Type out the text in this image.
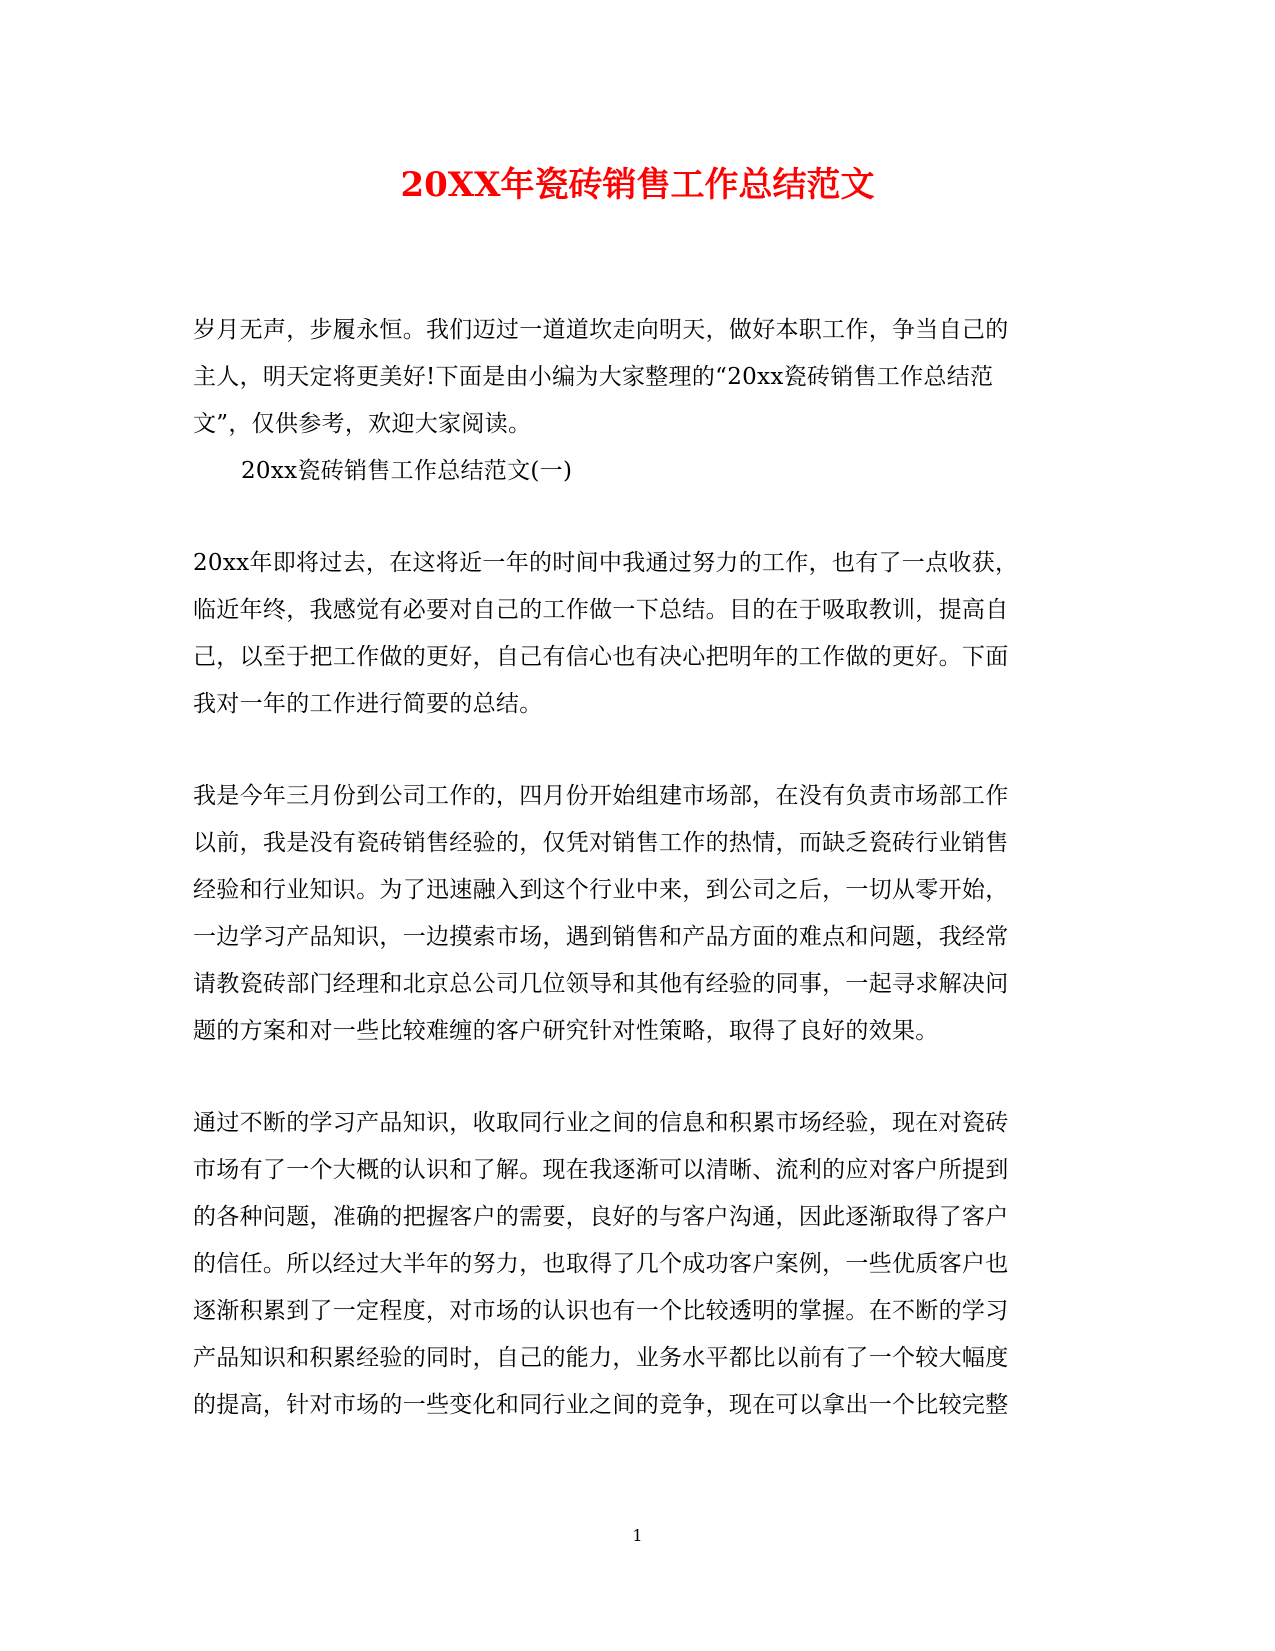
20XX年瓷砖销售工作总结范文
岁月无声，步履永恒。我们迈过一道道坎走向明天，做好本职工作，争当自己的
主人，明天定将更美好!下面是由小编为大家整理的“20xx瓷砖销售工作总结范
文”，仅供参考，欢迎大家阅读。
20xx瓷砖销售工作总结范文(一)
20xx年即将过去，在这将近一年的时间中我通过努力的工作，也有了一点收获，
临近年终，我感觉有必要对自己的工作做一下总结。目的在于吸取教训，提高自
己，以至于把工作做的更好，自己有信心也有决心把明年的工作做的更好。下面
我对一年的工作进行简要的总结。
我是今年三月份到公司工作的，四月份开始组建市场部，在没有负责市场部工作
以前，我是没有瓷砖销售经验的，仅凭对销售工作的热情，而缺乏瓷砖行业销售
经验和行业知识。为了迅速融入到这个行业中来，到公司之后，一切从零开始，
一边学习产品知识，一边摸索市场，遇到销售和产品方面的难点和问题，我经常
请教瓷砖部门经理和北京总公司几位领导和其他有经验的同事，一起寻求解决问
题的方案和对一些比较难缠的客户研究针对性策略，取得了良好的效果。
通过不断的学习产品知识，收取同行业之间的信息和积累市场经验，现在对瓷砖
市场有了一个大概的认识和了解。现在我逐渐可以清晰、流利的应对客户所提到
的各种问题，准确的把握客户的需要，良好的与客户沟通，因此逐渐取得了客户
的信任。所以经过大半年的努力，也取得了几个成功客户案例，一些优质客户也
逐渐积累到了一定程度，对市场的认识也有一个比较透明的掌握。在不断的学习
产品知识和积累经验的同时，自己的能力，业务水平都比以前有了一个较大幅度
的提高，针对市场的一些变化和同行业之间的竞争，现在可以拿出一个比较完整
1
